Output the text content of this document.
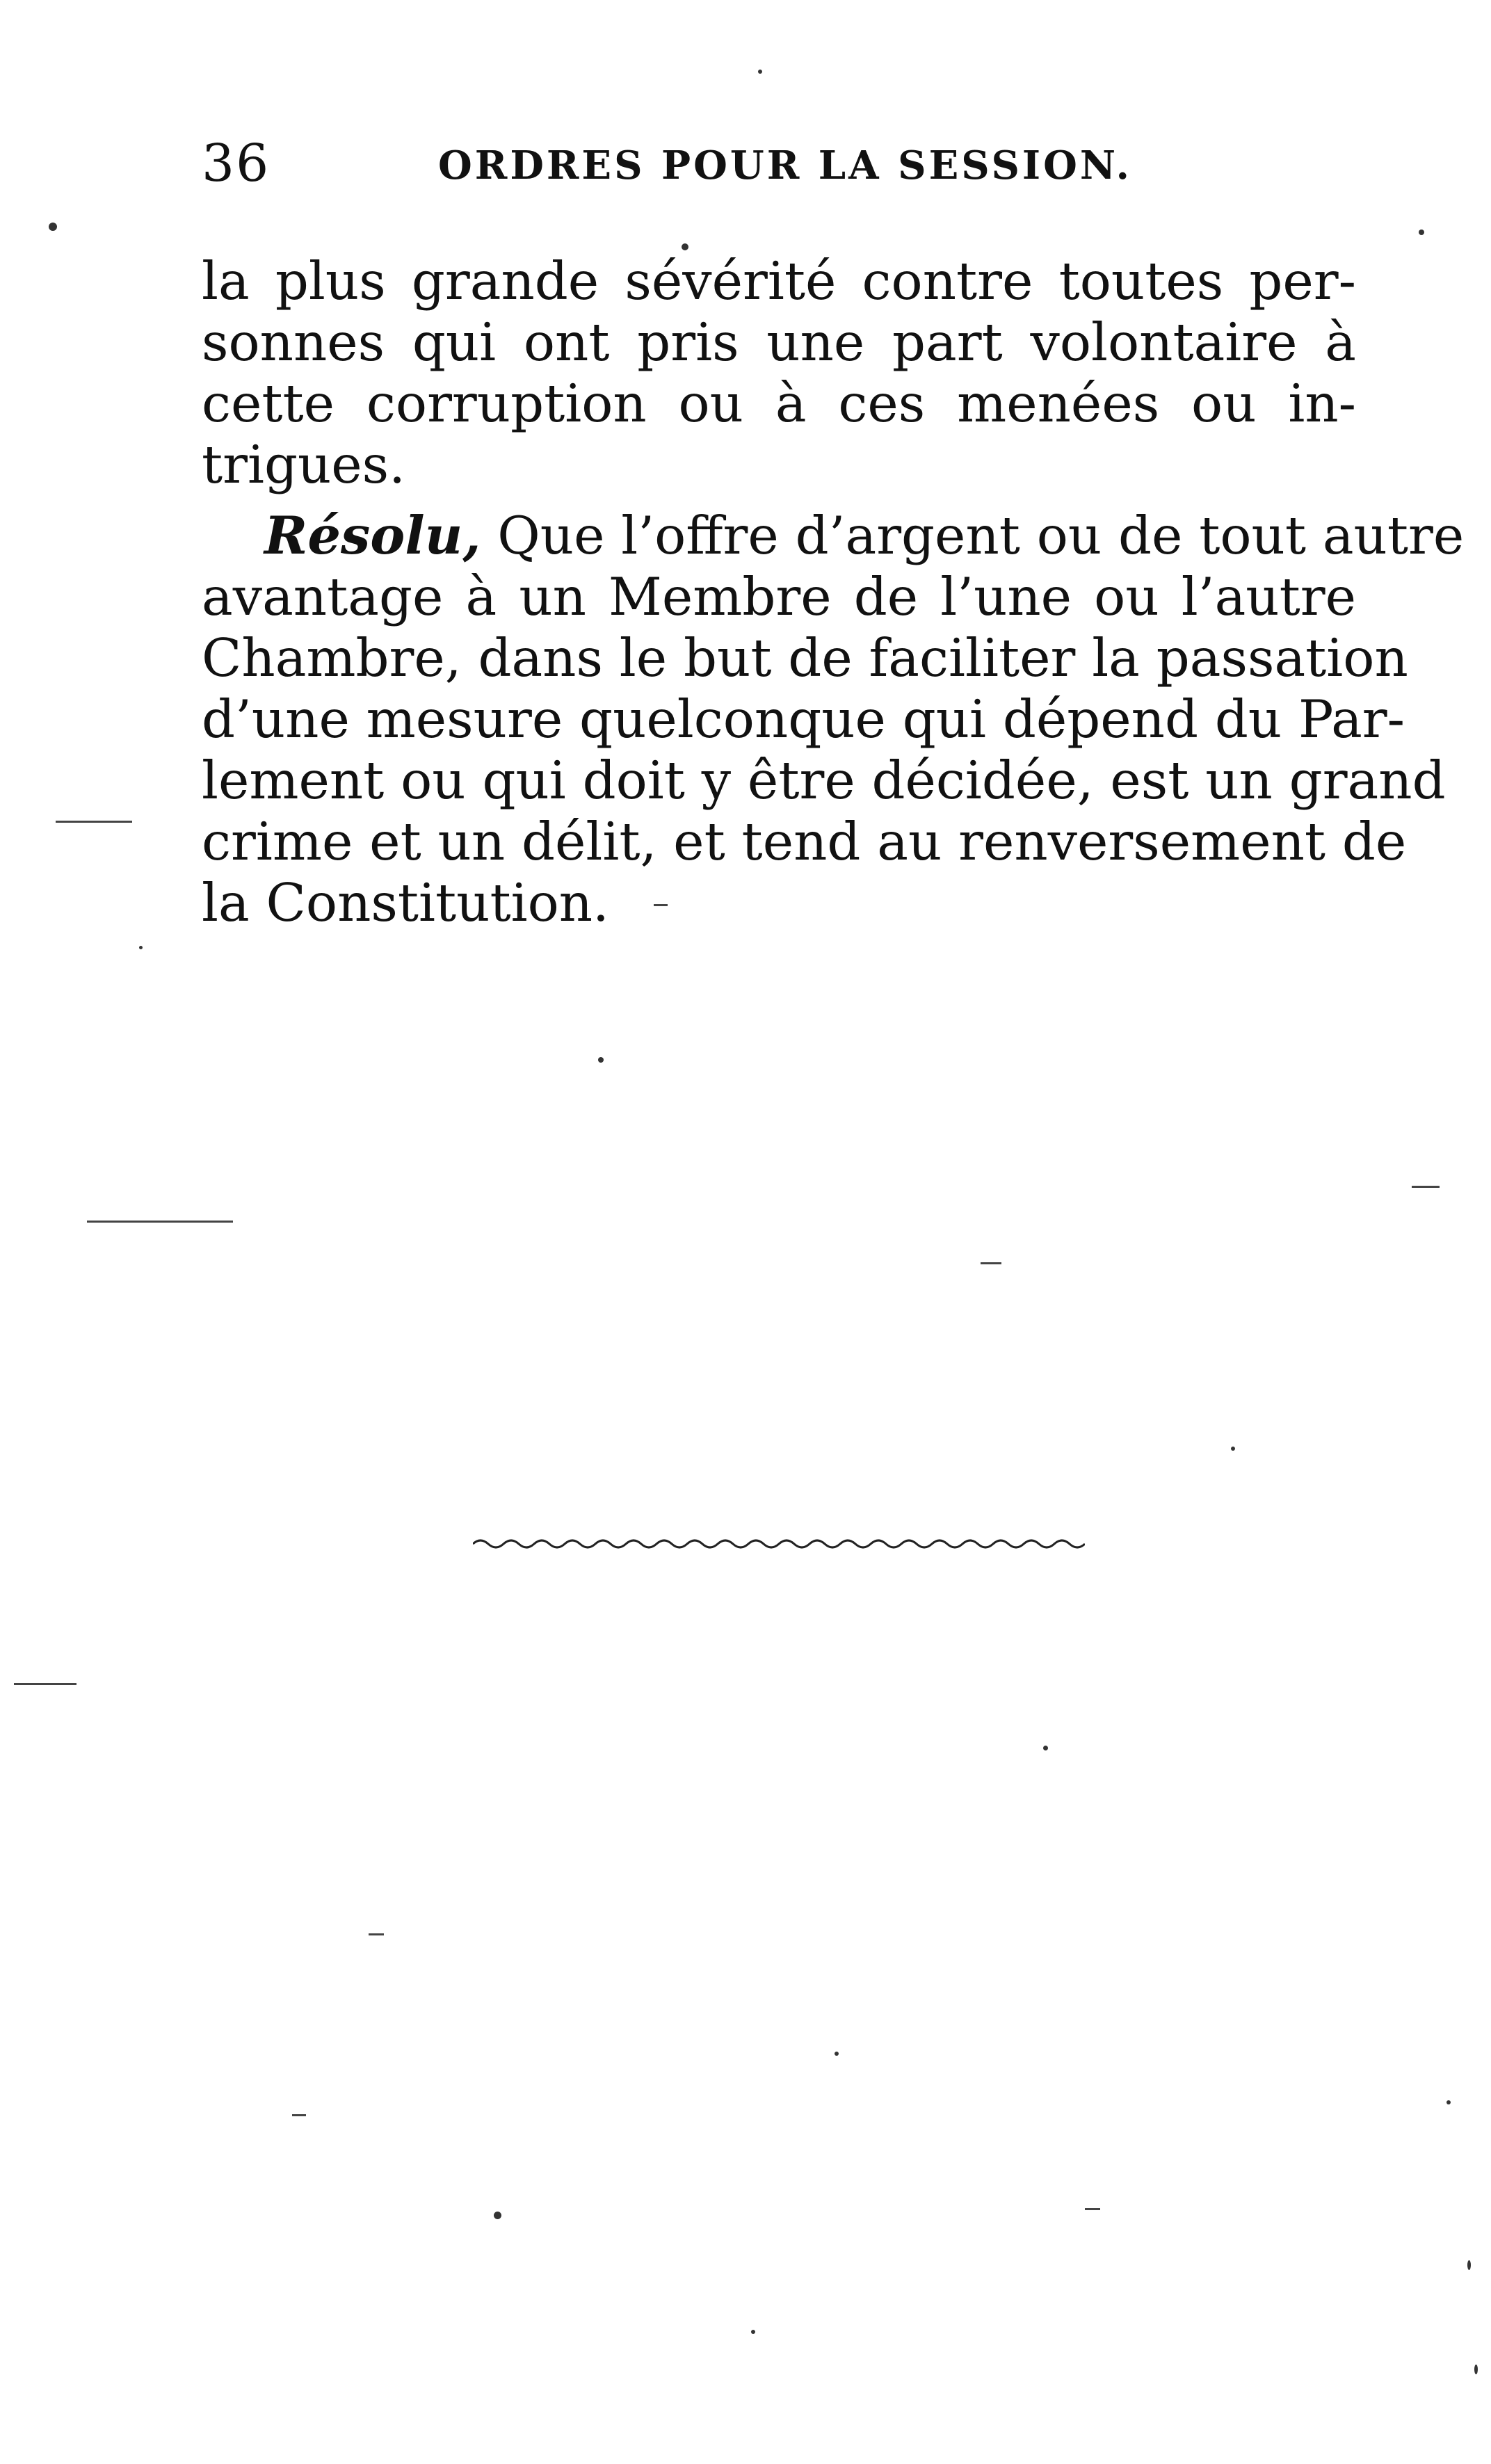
36	ORDRES POUR LA SESSION.
la plus grande sévérité contre toutes per-
sonnes qui ont pris une part volontaire à
cette corruption ou à ces menées ou in-
trigues.
Résolu, Que l’offre d’argent ou de tout autre
avantage à un Membre de l’une ou l’autre
Chambre, dans le but de faciliter la passation
d’une mesure quelconque qui dépend du Par-
lement ou qui doit y être décidée, est un grand
crime et un délit, et tend au renversement de
la Constitution.
